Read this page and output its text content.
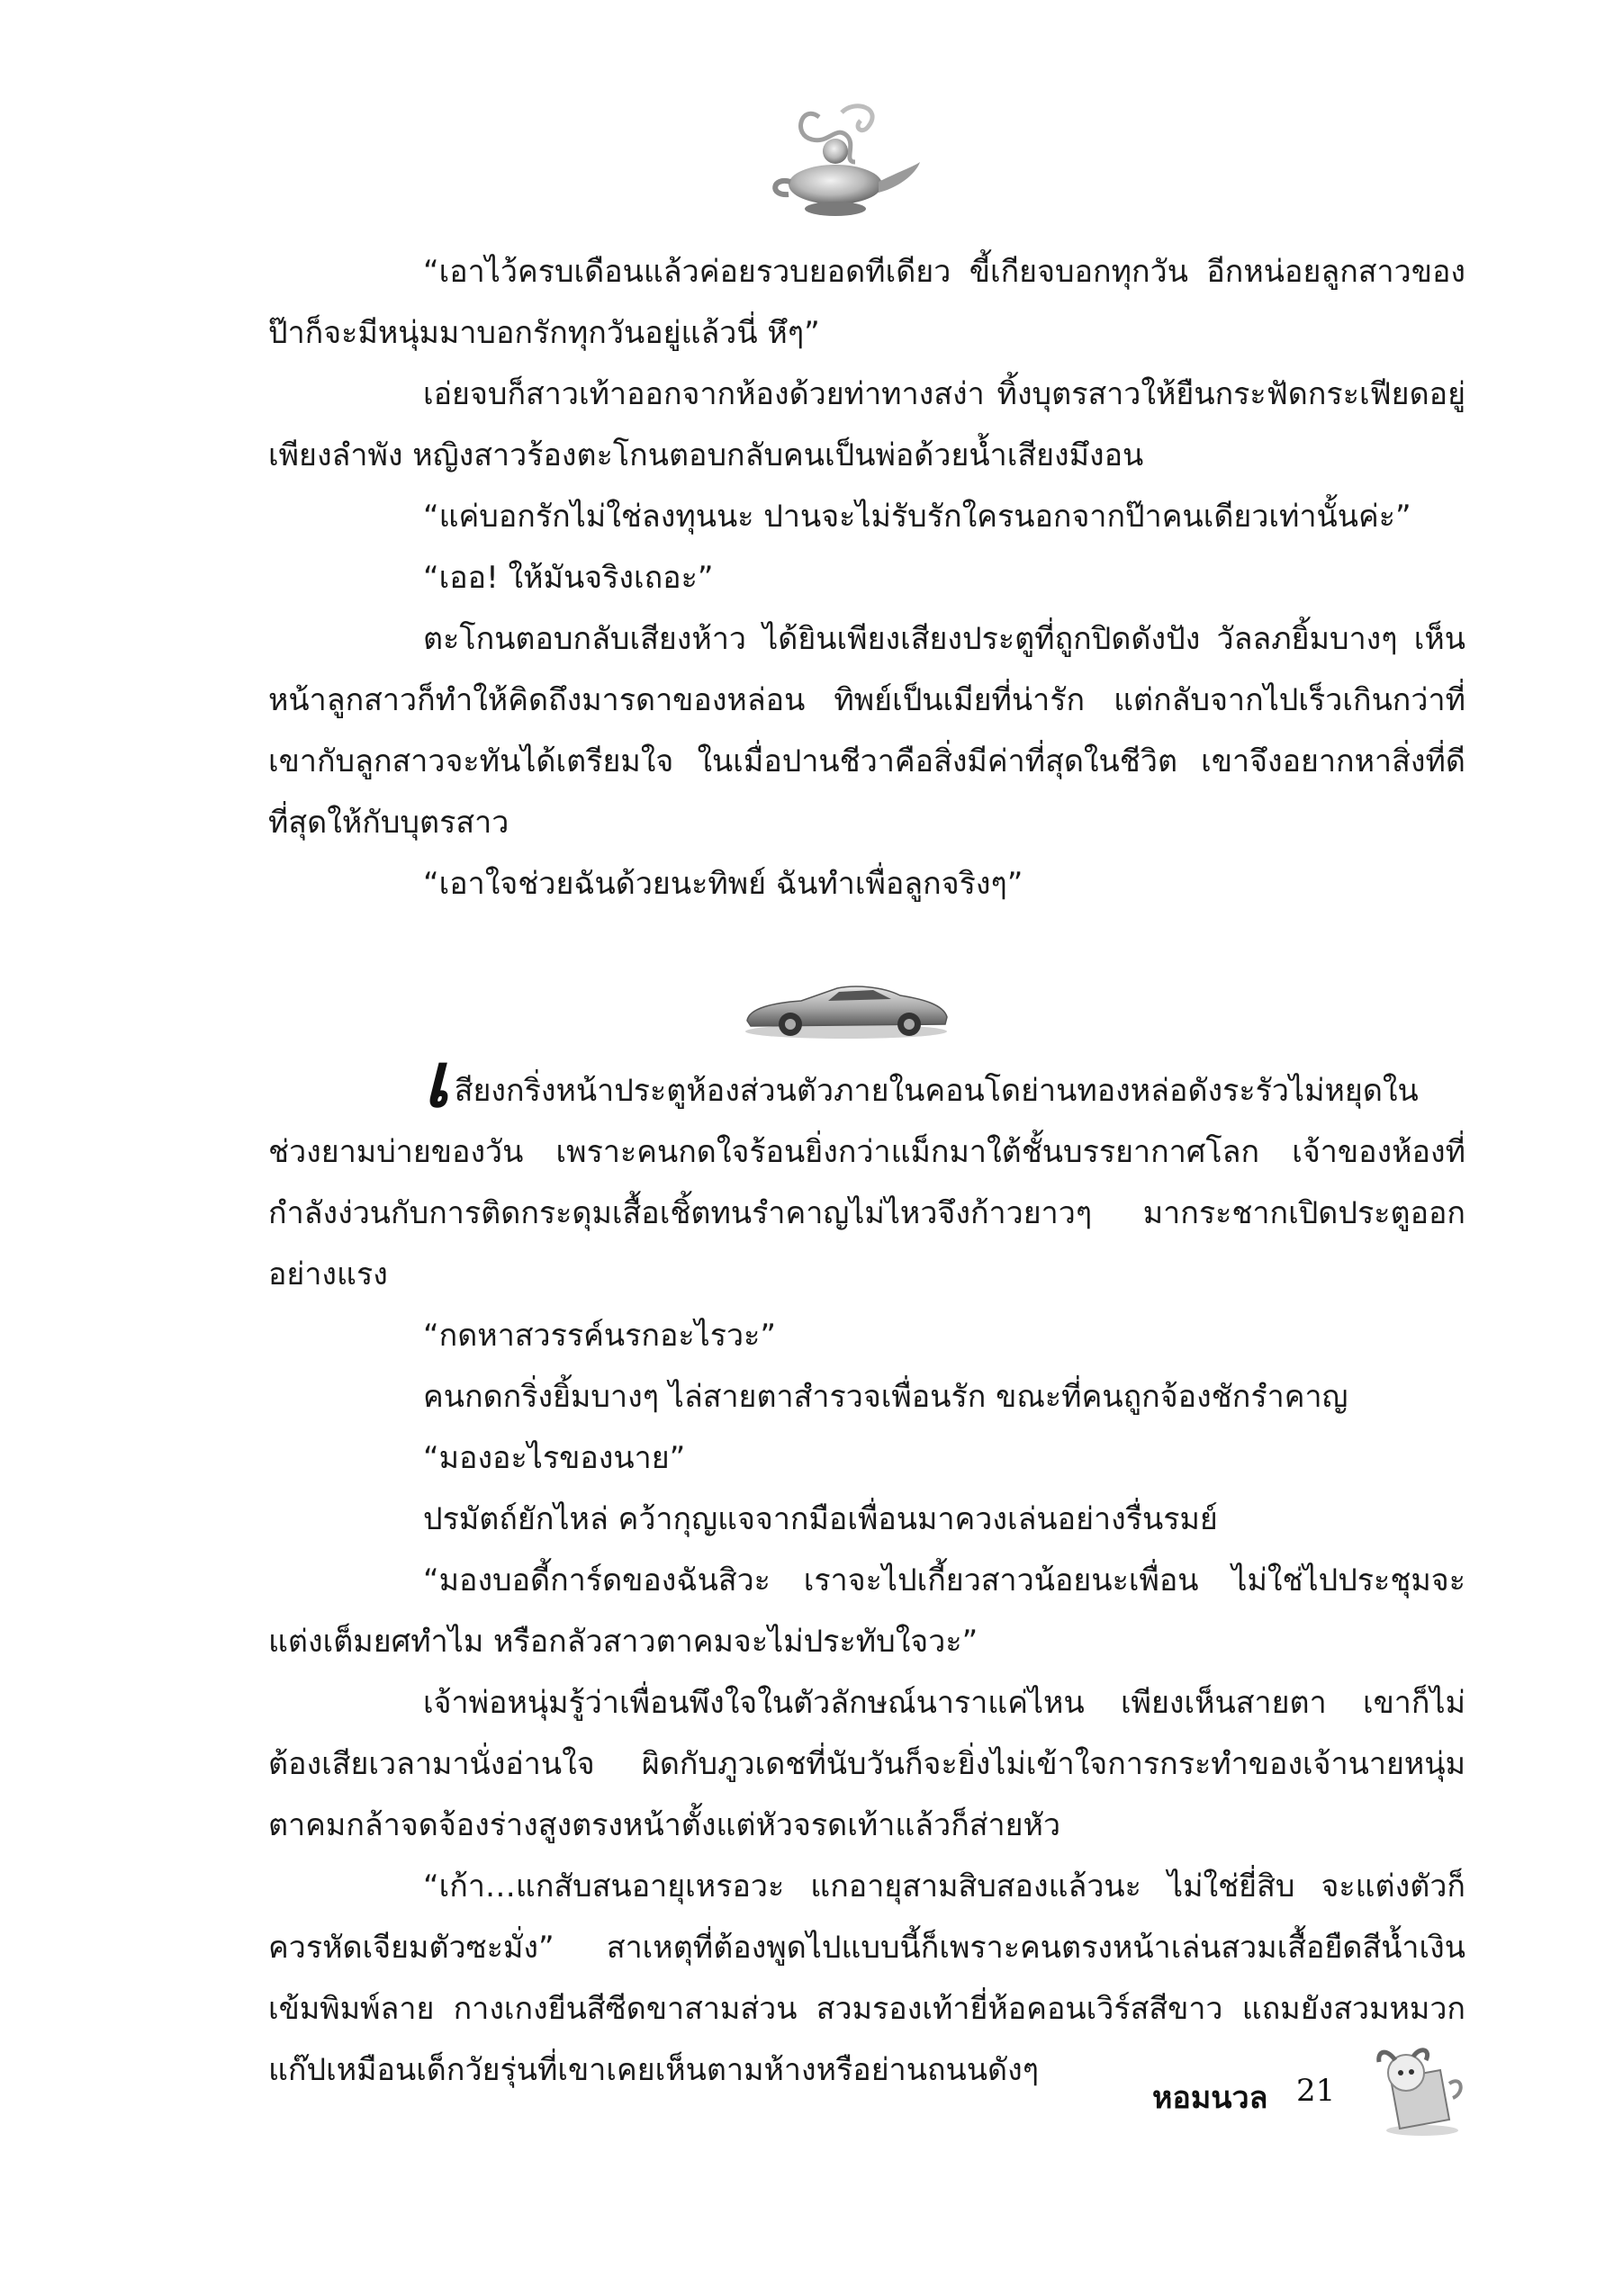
“เอาไว้ครบเดือนแล้วค่อยรวบยอดทีเดียว ขี้เกียจบอกทุกวัน อีกหน่อยลูกสาวของป๊าก็จะมีหนุ่มมาบอกรักทุกวันอยู่แล้วนี่ หึๆ”

เอ่ยจบก็สาวเท้าออกจากห้องด้วยท่าทางสง่า ทิ้งบุตรสาวให้ยืนกระฟัดกระเฟียดอยู่เพียงลำพัง หญิงสาวร้องตะโกนตอบกลับคนเป็นพ่อด้วยน้ำเสียงมึงอน

“แค่บอกรักไม่ใช่ลงทุนนะ ปานจะไม่รับรักใครนอกจากป๊าคนเดียวเท่านั้นค่ะ”

“เออ! ให้มันจริงเถอะ”

ตะโกนตอบกลับเสียงห้าว ได้ยินเพียงเสียงประตูที่ถูกปิดดังปัง วัลลภยิ้มบางๆ เห็นหน้าลูกสาวก็ทำให้คิดถึงมารดาของหล่อน ทิพย์เป็นเมียที่น่ารัก แต่กลับจากไปเร็วเกินกว่าที่เขากับลูกสาวจะทันได้เตรียมใจ ในเมื่อปานชีวาคือสิ่งมีค่าที่สุดในชีวิต เขาจึงอยากหาสิ่งที่ดีที่สุดให้กับบุตรสาว

“เอาใจช่วยฉันด้วยนะทิพย์ ฉันทำเพื่อลูกจริงๆ”

เสียงกริ่งหน้าประตูห้องส่วนตัวภายในคอนโดย่านทองหล่อดังระรัวไม่หยุดในช่วงยามบ่ายของวัน เพราะคนกดใจร้อนยิ่งกว่าแม็กมาใต้ชั้นบรรยากาศโลก เจ้าของห้องที่กำลังง่วนกับการติดกระดุมเสื้อเชิ้ตทนรำคาญไม่ไหวจึงก้าวยาวๆ มากระชากเปิดประตูออกอย่างแรง

“กดหาสวรรค์นรกอะไรวะ”

คนกดกริ่งยิ้มบางๆ ไล่สายตาสำรวจเพื่อนรัก ขณะที่คนถูกจ้องชักรำคาญ

“มองอะไรของนาย”

ปรมัตถ์ยักไหล่ คว้ากุญแจจากมือเพื่อนมาควงเล่นอย่างรื่นรมย์

“มองบอดี้การ์ดของฉันสิวะ เราจะไปเกี้ยวสาวน้อยนะเพื่อน ไม่ใช่ไปประชุมจะแต่งเต็มยศทำไม หรือกลัวสาวตาคมจะไม่ประทับใจวะ”

เจ้าพ่อหนุ่มรู้ว่าเพื่อนพึงใจในตัวลักษณ์นาราแค่ไหน เพียงเห็นสายตา เขาก็ไม่ต้องเสียเวลามานั่งอ่านใจ ผิดกับภูวเดชที่นับวันก็จะยิ่งไม่เข้าใจการกระทำของเจ้านายหนุ่ม ตาคมกล้าจดจ้องร่างสูงตรงหน้าตั้งแต่หัวจรดเท้าแล้วก็ส่ายหัว

“เก้า…แกสับสนอายุเหรอวะ แกอายุสามสิบสองแล้วนะ ไม่ใช่ยี่สิบ จะแต่งตัวก็ควรหัดเจียมตัวซะมั่ง” สาเหตุที่ต้องพูดไปแบบนี้ก็เพราะคนตรงหน้าเล่นสวมเสื้อยืดสีน้ำเงินเข้มพิมพ์ลาย กางเกงยีนสีซีดขาสามส่วน สวมรองเท้ายี่ห้อคอนเวิร์สสีขาว แถมยังสวมหมวกแก๊ปเหมือนเด็กวัยรุ่นที่เขาเคยเห็นตามห้างหรือย่านถนนดังๆ

หอมนวล 21
